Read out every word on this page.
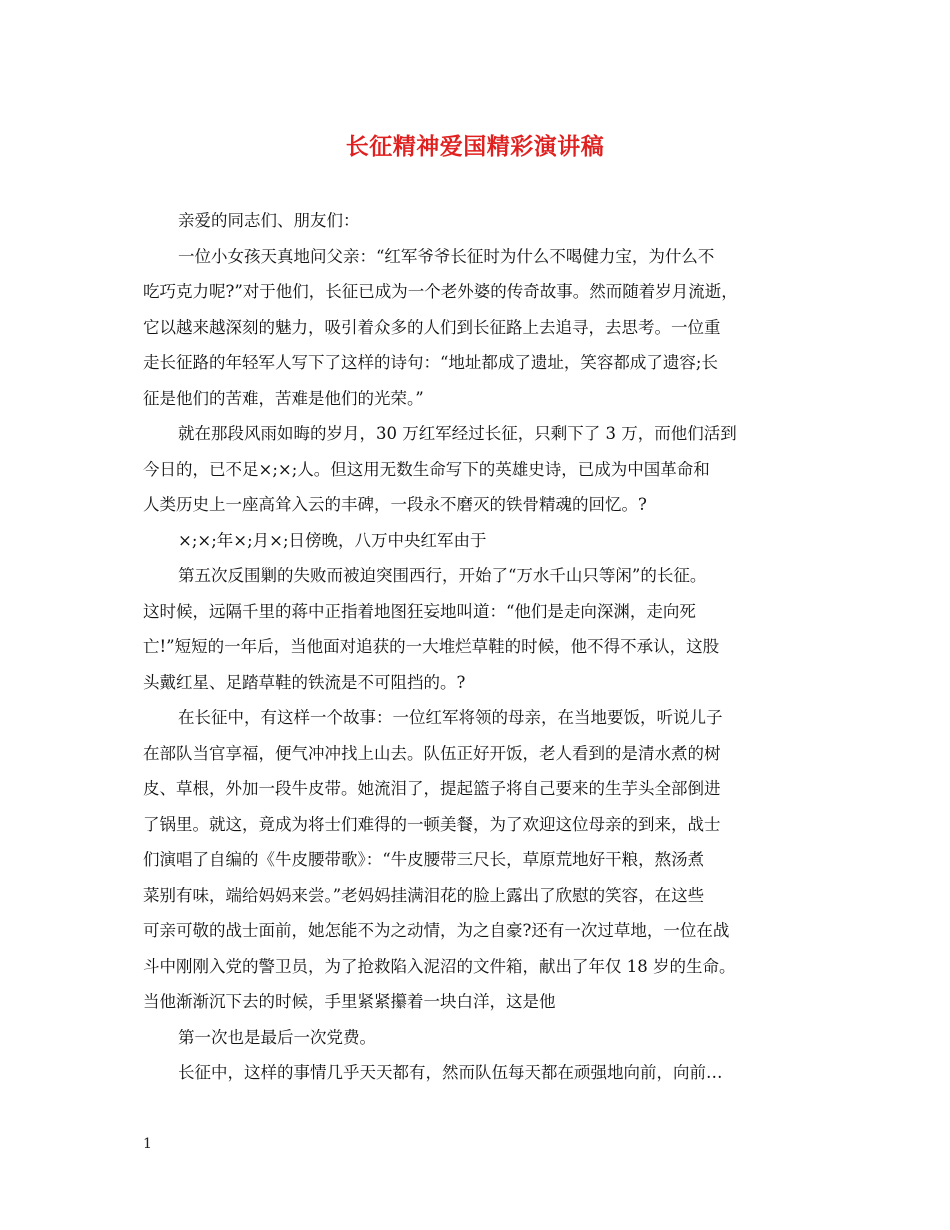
长征精神爱国精彩演讲稿
亲爱的同志们、朋友们：
一位小女孩天真地问父亲：“红军爷爷长征时为什么不喝健力宝，为什么不
吃巧克力呢?”对于他们，长征已成为一个老外婆的传奇故事。然而随着岁月流逝，
它以越来越深刻的魅力，吸引着众多的人们到长征路上去追寻，去思考。一位重
走长征路的年轻军人写下了这样的诗句：“地址都成了遗址，笑容都成了遗容;长
征是他们的苦难，苦难是他们的光荣。”
就在那段风雨如晦的岁月，30 万红军经过长征，只剩下了 3 万，而他们活到
今日的，已不足×;×;人。但这用无数生命写下的英雄史诗，已成为中国革命和
人类历史上一座高耸入云的丰碑，一段永不磨灭的铁骨精魂的回忆。?
×;×;年×;月×;日傍晚，八万中央红军由于
第五次反围剿的失败而被迫突围西行，开始了“万水千山只等闲”的长征。
这时候，远隔千里的蒋中正指着地图狂妄地叫道：“他们是走向深渊，走向死
亡!”短短的一年后，当他面对追获的一大堆烂草鞋的时候，他不得不承认，这股
头戴红星、足踏草鞋的铁流是不可阻挡的。?
在长征中，有这样一个故事：一位红军将领的母亲，在当地要饭，听说儿子
在部队当官享福，便气冲冲找上山去。队伍正好开饭，老人看到的是清水煮的树
皮、草根，外加一段牛皮带。她流泪了，提起篮子将自己要来的生芋头全部倒进
了锅里。就这，竟成为将士们难得的一顿美餐，为了欢迎这位母亲的到来，战士
们演唱了自编的《牛皮腰带歌》：“牛皮腰带三尺长，草原荒地好干粮，熬汤煮
菜别有味，端给妈妈来尝。”老妈妈挂满泪花的脸上露出了欣慰的笑容，在这些
可亲可敬的战士面前，她怎能不为之动情，为之自豪?还有一次过草地，一位在战
斗中刚刚入党的警卫员，为了抢救陷入泥沼的文件箱，献出了年仅 18 岁的生命。
当他渐渐沉下去的时候，手里紧紧攥着一块白洋，这是他
第一次也是最后一次党费。
长征中，这样的事情几乎天天都有，然而队伍每天都在顽强地向前，向前…
1
